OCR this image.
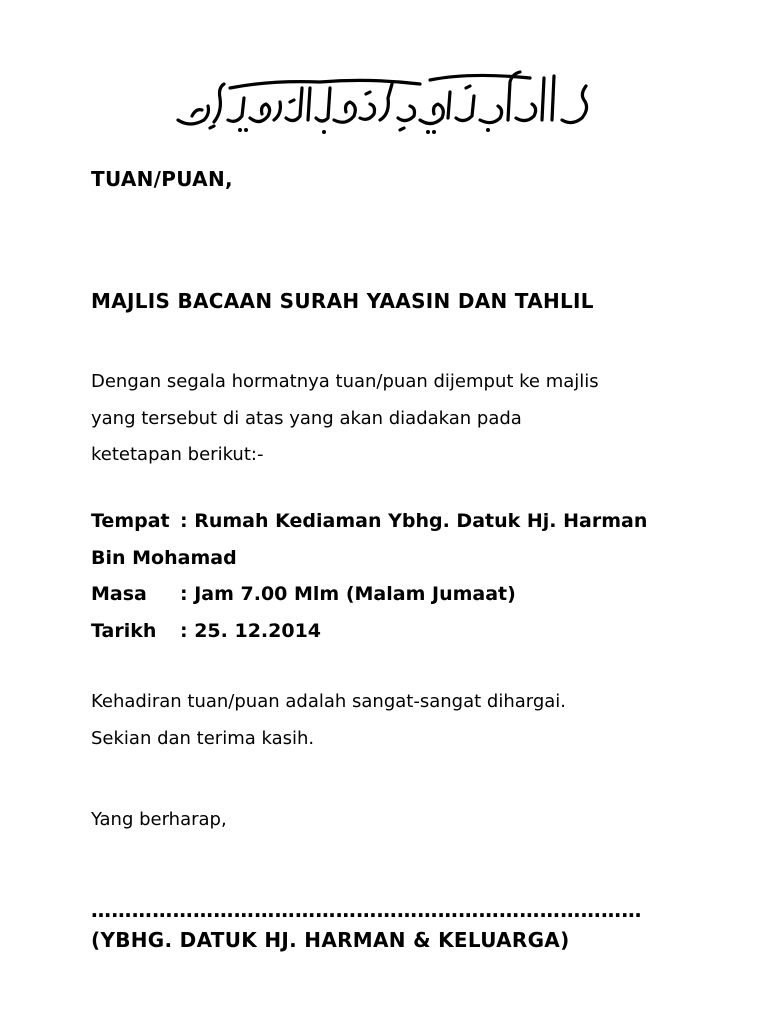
TUAN/PUAN,
MAJLIS BACAAN SURAH YAASIN DAN TAHLIL
Dengan segala hormatnya tuan/puan dijemput ke majlis
yang tersebut di atas yang akan diadakan pada
ketetapan berikut:-
Tempat : Rumah Kediaman Ybhg. Datuk Hj. Harman
Bin Mohamad
Masa : Jam 7.00 Mlm (Malam Jumaat)
Tarikh : 25. 12.2014
Kehadiran tuan/puan adalah sangat-sangat dihargai.
Sekian dan terima kasih.
Yang berharap,
………………………………………………………………………
(YBHG. DATUK HJ. HARMAN & KELUARGA)
